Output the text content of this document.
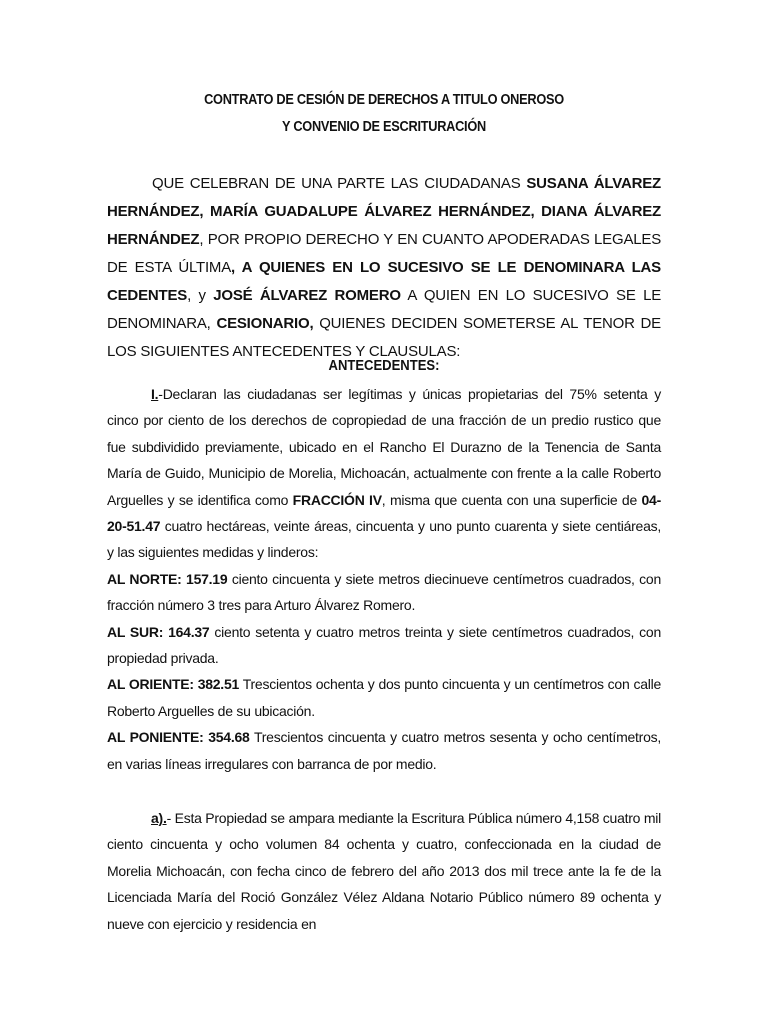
CONTRATO DE CESIÓN DE DERECHOS A TITULO ONEROSO
Y CONVENIO DE ESCRITURACIÓN

QUE CELEBRAN DE UNA PARTE LAS CIUDADANAS SUSANA ÁLVAREZ HERNÁNDEZ, MARÍA GUADALUPE ÁLVAREZ HERNÁNDEZ, DIANA ÁLVAREZ HERNÁNDEZ, POR PROPIO DERECHO Y EN CUANTO APODERADAS LEGALES DE ESTA ÚLTIMA, A QUIENES EN LO SUCESIVO SE LE DENOMINARA LAS CEDENTES, y JOSÉ ÁLVAREZ ROMERO A QUIEN EN LO SUCESIVO SE LE DENOMINARA, CESIONARIO, QUIENES DECIDEN SOMETERSE AL TENOR DE LOS SIGUIENTES ANTECEDENTES Y CLAUSULAS:

ANTECEDENTES:

I.-Declaran las ciudadanas ser legítimas y únicas propietarias del 75% setenta y cinco por ciento de los derechos de copropiedad de una fracción de un predio rustico que fue subdividido previamente, ubicado en el Rancho El Durazno de la Tenencia de Santa María de Guido, Municipio de Morelia, Michoacán, actualmente con frente a la calle Roberto Arguelles y se identifica como FRACCIÓN IV, misma que cuenta con una superficie de 04-20-51.47 cuatro hectáreas, veinte áreas, cincuenta y uno punto cuarenta y siete centiáreas, y las siguientes medidas y linderos:

AL NORTE: 157.19 ciento cincuenta y siete metros diecinueve centímetros cuadrados, con fracción número 3 tres para Arturo Álvarez Romero.

AL SUR: 164.37 ciento setenta y cuatro metros treinta y siete centímetros cuadrados, con propiedad privada.

AL ORIENTE: 382.51 Trescientos ochenta y dos punto cincuenta y un centímetros con calle Roberto Arguelles de su ubicación.

AL PONIENTE: 354.68 Trescientos cincuenta y cuatro metros sesenta y ocho centímetros, en varias líneas irregulares con barranca de por medio.

a).- Esta Propiedad se ampara mediante la Escritura Pública número 4,158 cuatro mil ciento cincuenta y ocho volumen 84 ochenta y cuatro, confeccionada en la ciudad de Morelia Michoacán, con fecha cinco de febrero del año 2013 dos mil trece ante la fe de la Licenciada María del Roció González Vélez Aldana Notario Público número 89 ochenta y nueve con ejercicio y residencia en
